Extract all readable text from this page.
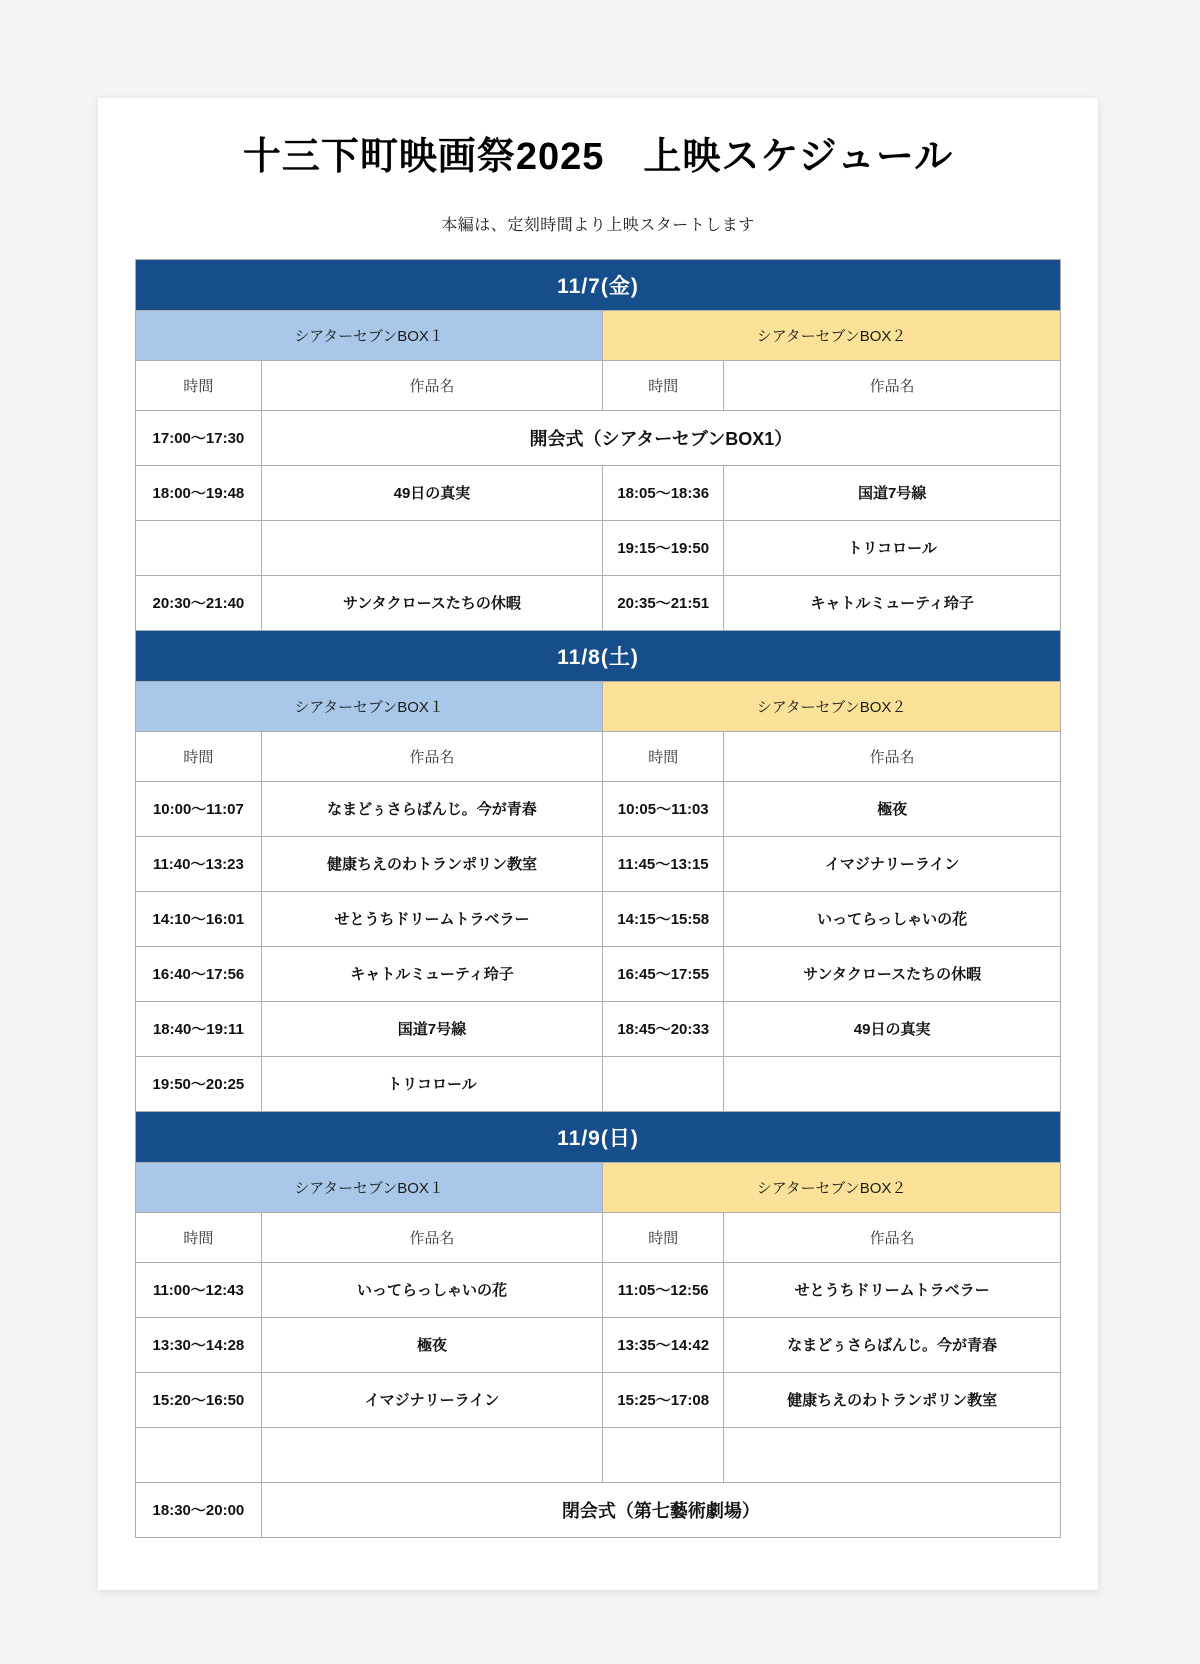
十三下町映画祭2025　上映スケジュール

本編は、定刻時間より上映スタートします

11/7(金)			
シアターセブンBOX１		シアターセブンBOX２	
時間	作品名	時間	作品名
17:00～17:30	開会式（シアターセブンBOX1）		
18:00～19:48	49日の真実	18:05～18:36	国道7号線
		19:15～19:50	トリコロール
20:30～21:40	サンタクロースたちの休暇	20:35～21:51	キャトルミューティ玲子
11/8(土)			
シアターセブンBOX１		シアターセブンBOX２	
時間	作品名	時間	作品名
10:00～11:07	なまどぅさらばんじ。今が青春	10:05～11:03	極夜
11:40～13:23	健康ちえのわトランポリン教室	11:45～13:15	イマジナリーライン
14:10～16:01	せとうちドリームトラベラー	14:15～15:58	いってらっしゃいの花
16:40～17:56	キャトルミューティ玲子	16:45～17:55	サンタクロースたちの休暇
18:40～19:11	国道7号線	18:45～20:33	49日の真実
19:50～20:25	トリコロール		
11/9(日)			
シアターセブンBOX１		シアターセブンBOX２	
時間	作品名	時間	作品名
11:00～12:43	いってらっしゃいの花	11:05～12:56	せとうちドリームトラベラー
13:30～14:28	極夜	13:35～14:42	なまどぅさらばんじ。今が青春
15:20～16:50	イマジナリーライン	15:25～17:08	健康ちえのわトランポリン教室

18:30～20:00	閉会式（第七藝術劇場）		
